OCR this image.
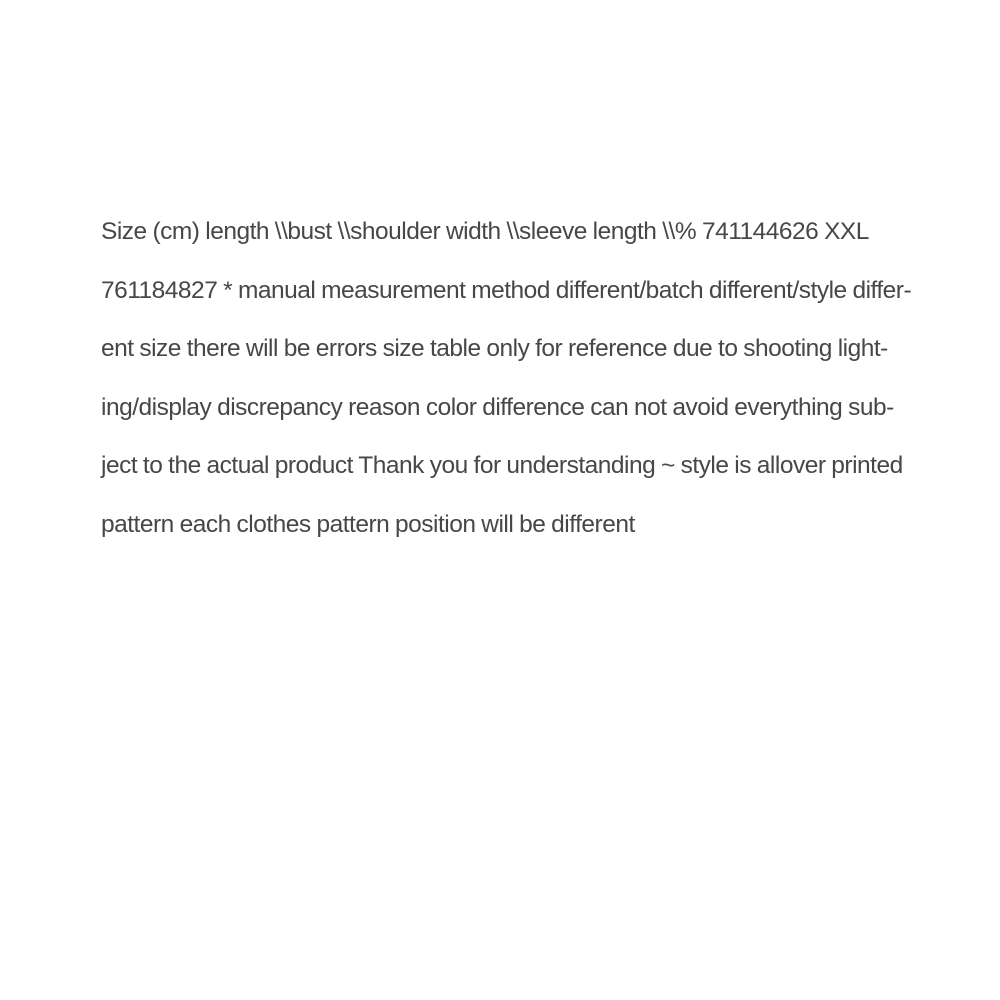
Size (cm) length \\bust \\shoulder width \\sleeve length \\% 741144626 XXL
761184827 * manual measurement method different/batch different/style differ-
ent size there will be errors size table only for reference due to shooting light-
ing/display discrepancy reason color difference can not avoid everything sub-
ject to the actual product Thank you for understanding ~ style is allover printed
pattern each clothes pattern position will be different
